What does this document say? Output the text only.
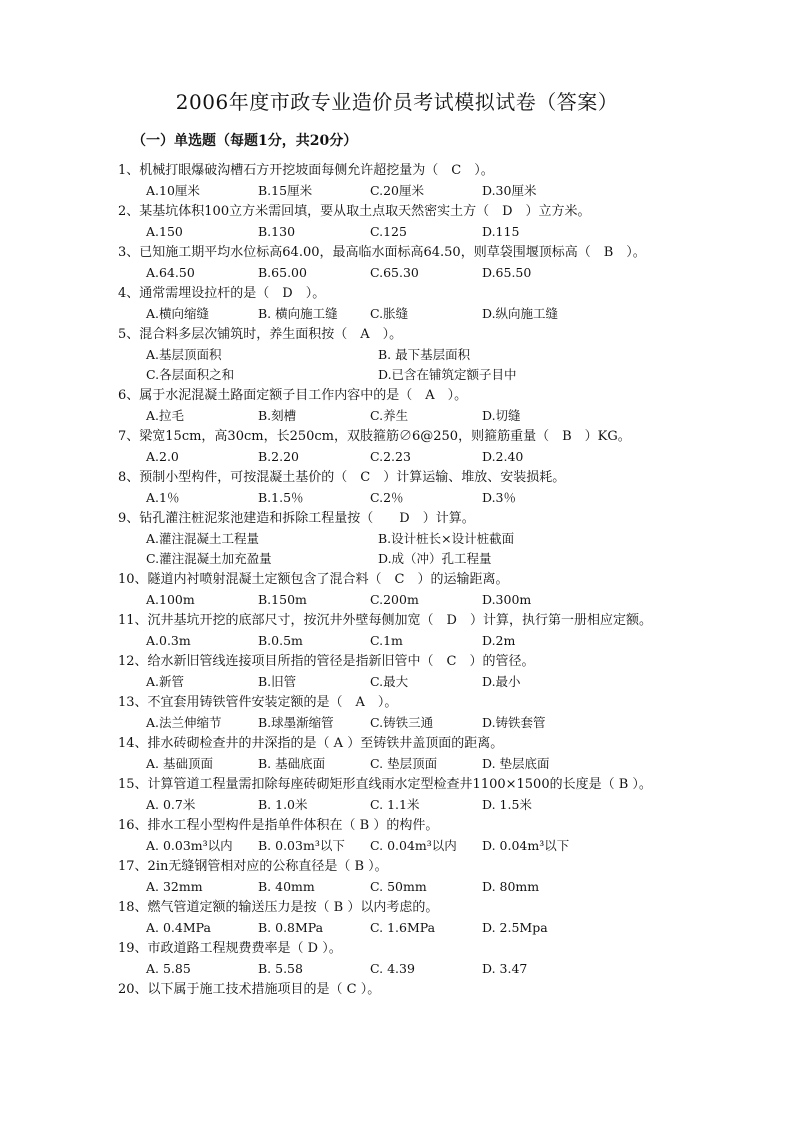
2006年度市政专业造价员考试模拟试卷（答案）
（一）单选题（每题1分，共20分）
1、机械打眼爆破沟槽石方开挖坡面每侧允许超挖量为（　C　）。
A.10厘米	B.15厘米	C.20厘米	D.30厘米
2、某基坑体积100立方米需回填，要从取土点取天然密实土方（　D　）立方米。
A.150	B.130	C.125	D.115
3、已知施工期平均水位标高64.00，最高临水面标高64.50，则草袋围堰顶标高（　B　）。
A.64.50	B.65.00	C.65.30	D.65.50
4、通常需埋设拉杆的是（　D　）。
A.横向缩缝	B. 横向施工缝	C.胀缝	D.纵向施工缝
5、混合料多层次铺筑时，养生面积按（　A　）。
A.基层顶面积	B. 最下基层面积
C.各层面积之和	D.已含在铺筑定额子目中
6、属于水泥混凝土路面定额子目工作内容中的是（　A　）。
A.拉毛	B.刻槽	C.养生	D.切缝
7、梁宽15cm，高30cm，长250cm，双肢箍筋∅6@250，则箍筋重量（　B　）KG。
A.2.0	B.2.20	C.2.23	D.2.40
8、预制小型构件，可按混凝土基价的（　C　）计算运输、堆放、安装损耗。
A.1％	B.1.5％	C.2％	D.3％
9、钻孔灌注桩泥浆池建造和拆除工程量按（　　D　）计算。
A.灌注混凝土工程量	B.设计桩长×设计桩截面
C.灌注混凝土加充盈量	D.成（冲）孔工程量
10、隧道内衬喷射混凝土定额包含了混合料（　C　）的运输距离。
A.100m	B.150m	C.200m	D.300m
11、沉井基坑开挖的底部尺寸，按沉井外壁每侧加宽（　D　）计算，执行第一册相应定额。
A.0.3m	B.0.5m	C.1m	D.2m
12、给水新旧管线连接项目所指的管径是指新旧管中（　C　）的管径。
A.新管	B.旧管	C.最大	D.最小
13、不宜套用铸铁管件安装定额的是（　A　）。
A.法兰伸缩节	B.球墨渐缩管	C.铸铁三通	D.铸铁套管
14、排水砖砌检查井的井深指的是（ A ）至铸铁井盖顶面的距离。
A. 基础顶面	B. 基础底面	C. 垫层顶面	D. 垫层底面
15、计算管道工程量需扣除每座砖砌矩形直线雨水定型检查井1100×1500的长度是（ B ）。
A. 0.7米	B. 1.0米	C. 1.1米	D. 1.5米
16、排水工程小型构件是指单件体积在（ B ）的构件。
A. 0.03m³以内	B. 0.03m³以下	C. 0.04m³以内	D. 0.04m³以下
17、2in无缝钢管相对应的公称直径是（ B ）。
A. 32mm	B. 40mm	C. 50mm	D. 80mm
18、燃气管道定额的输送压力是按（ B ）以内考虑的。
A. 0.4MPa	B. 0.8MPa	C. 1.6MPa	D. 2.5Mpa
19、市政道路工程规费费率是（ D ）。
A. 5.85	B. 5.58	C. 4.39	D. 3.47
20、以下属于施工技术措施项目的是（ C ）。
